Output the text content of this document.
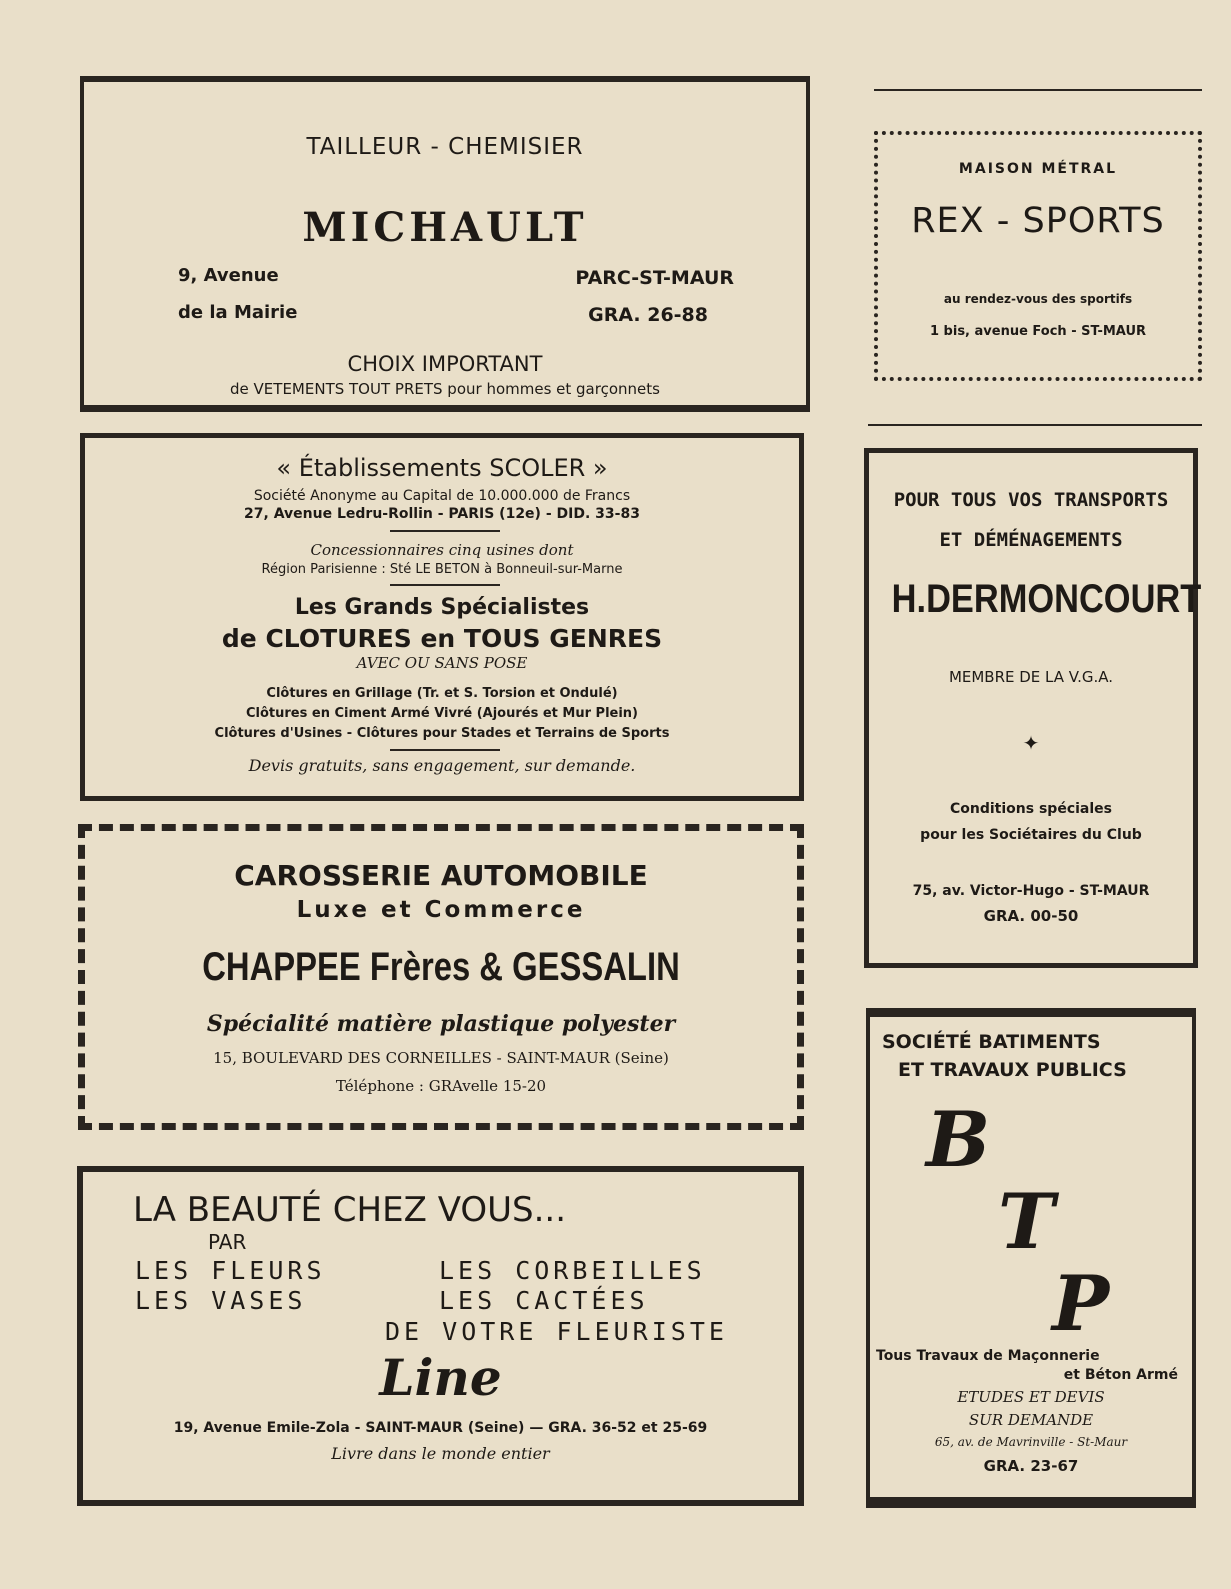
TAILLEUR - CHEMISIER
MICHAULT
9, Avenue
de la Mairie
PARC-ST-MAUR
GRA. 26-88
CHOIX IMPORTANT
de VETEMENTS TOUT PRETS pour hommes et garçonnets
« Établissements SCOLER »
Société Anonyme au Capital de 10.000.000 de Francs
27, Avenue Ledru-Rollin - PARIS (12e) - DID. 33-83
Concessionnaires cinq usines dont
Région Parisienne : Sté LE BETON à Bonneuil-sur-Marne
Les Grands Spécialistes
de CLOTURES en TOUS GENRES
AVEC OU SANS POSE
Clôtures en Grillage (Tr. et S. Torsion et Ondulé)
Clôtures en Ciment Armé Vivré (Ajourés et Mur Plein)
Clôtures d'Usines - Clôtures pour Stades et Terrains de Sports
Devis gratuits, sans engagement, sur demande.
CAROSSERIE AUTOMOBILE
Luxe et Commerce
CHAPPEE Frères & GESSALIN
Spécialité matière plastique polyester
15, BOULEVARD DES CORNEILLES - SAINT-MAUR (Seine)
Téléphone : GRAvelle 15-20
LA BEAUTÉ CHEZ VOUS...
PAR
LES FLEURS
LES VASES
LES CORBEILLES
LES CACTÉES
DE VOTRE FLEURISTE
Line
19, Avenue Emile-Zola - SAINT-MAUR (Seine) — GRA. 36-52 et 25-69
Livre dans le monde entier
MAISON MÉTRAL
REX - SPORTS
au rendez-vous des sportifs
1 bis, avenue Foch - ST-MAUR
POUR TOUS VOS TRANSPORTS
ET DÉMÉNAGEMENTS
H.DERMONCOURT
MEMBRE DE LA V.G.A.
✦
Conditions spéciales
pour les Sociétaires du Club
75, av. Victor-Hugo - ST-MAUR
GRA. 00-50
SOCIÉTÉ BATIMENTS
ET TRAVAUX PUBLICS
B
T
P
Tous Travaux de Maçonnerie
et Béton Armé
ETUDES ET DEVIS
SUR DEMANDE
65, av. de Mavrinville - St-Maur
GRA. 23-67
